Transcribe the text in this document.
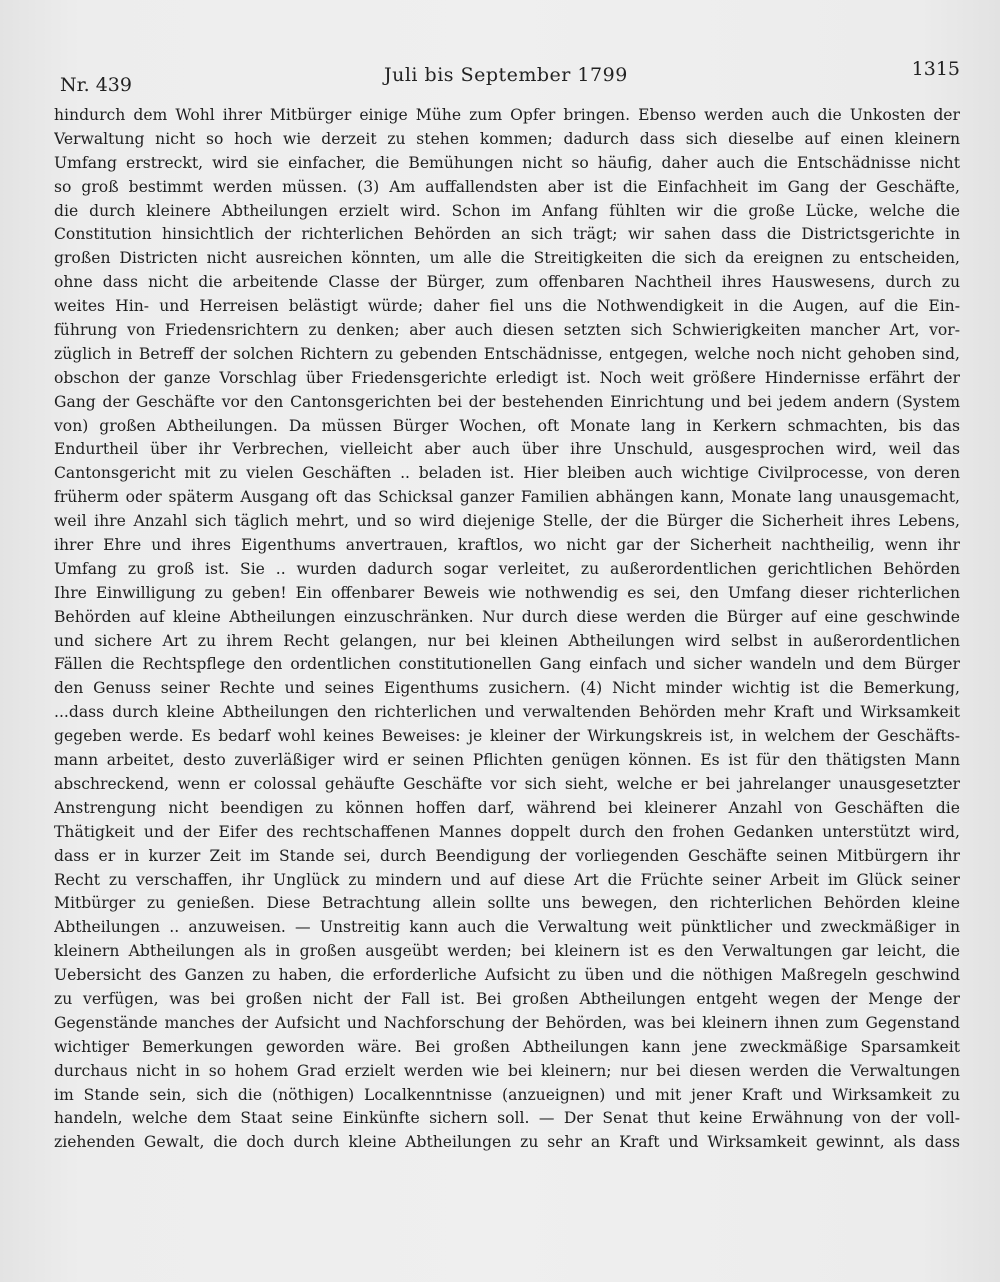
Nr. 439	Juli bis September 1799	1315
hindurch dem Wohl ihrer Mitbürger einige Mühe zum Opfer bringen. Ebenso werden auch die Unkosten der
Verwaltung nicht so hoch wie derzeit zu stehen kommen; dadurch dass sich dieselbe auf einen kleinern
Umfang erstreckt, wird sie einfacher, die Bemühungen nicht so häufig, daher auch die Entschädnisse nicht
so groß bestimmt werden müssen. (3) Am auffallendsten aber ist die Einfachheit im Gang der Geschäfte,
die durch kleinere Abtheilungen erzielt wird. Schon im Anfang fühlten wir die große Lücke, welche die
Constitution hinsichtlich der richterlichen Behörden an sich trägt; wir sahen dass die Districtsgerichte in
großen Districten nicht ausreichen könnten, um alle die Streitigkeiten die sich da ereignen zu entscheiden,
ohne dass nicht die arbeitende Classe der Bürger, zum offenbaren Nachtheil ihres Hauswesens, durch zu
weites Hin- und Herreisen belästigt würde; daher fiel uns die Nothwendigkeit in die Augen, auf die Ein-
führung von Friedensrichtern zu denken; aber auch diesen setzten sich Schwierigkeiten mancher Art, vor-
züglich in Betreff der solchen Richtern zu gebenden Entschädnisse, entgegen, welche noch nicht gehoben sind,
obschon der ganze Vorschlag über Friedensgerichte erledigt ist. Noch weit größere Hindernisse erfährt der
Gang der Geschäfte vor den Cantonsgerichten bei der bestehenden Einrichtung und bei jedem andern (System
von) großen Abtheilungen. Da müssen Bürger Wochen, oft Monate lang in Kerkern schmachten, bis das
Endurtheil über ihr Verbrechen, vielleicht aber auch über ihre Unschuld, ausgesprochen wird, weil das
Cantonsgericht mit zu vielen Geschäften .. beladen ist. Hier bleiben auch wichtige Civilprocesse, von deren
früherm oder späterm Ausgang oft das Schicksal ganzer Familien abhängen kann, Monate lang unausgemacht,
weil ihre Anzahl sich täglich mehrt, und so wird diejenige Stelle, der die Bürger die Sicherheit ihres Lebens,
ihrer Ehre und ihres Eigenthums anvertrauen, kraftlos, wo nicht gar der Sicherheit nachtheilig, wenn ihr
Umfang zu groß ist. Sie .. wurden dadurch sogar verleitet, zu außerordentlichen gerichtlichen Behörden
Ihre Einwilligung zu geben! Ein offenbarer Beweis wie nothwendig es sei, den Umfang dieser richterlichen
Behörden auf kleine Abtheilungen einzuschränken. Nur durch diese werden die Bürger auf eine geschwinde
und sichere Art zu ihrem Recht gelangen, nur bei kleinen Abtheilungen wird selbst in außerordentlichen
Fällen die Rechtspflege den ordentlichen constitutionellen Gang einfach und sicher wandeln und dem Bürger
den Genuss seiner Rechte und seines Eigenthums zusichern. (4) Nicht minder wichtig ist die Bemerkung,
...dass durch kleine Abtheilungen den richterlichen und verwaltenden Behörden mehr Kraft und Wirksamkeit
gegeben werde. Es bedarf wohl keines Beweises: je kleiner der Wirkungskreis ist, in welchem der Geschäfts-
mann arbeitet, desto zuverläßiger wird er seinen Pflichten genügen können. Es ist für den thätigsten Mann
abschreckend, wenn er colossal gehäufte Geschäfte vor sich sieht, welche er bei jahrelanger unausgesetzter
Anstrengung nicht beendigen zu können hoffen darf, während bei kleinerer Anzahl von Geschäften die
Thätigkeit und der Eifer des rechtschaffenen Mannes doppelt durch den frohen Gedanken unterstützt wird,
dass er in kurzer Zeit im Stande sei, durch Beendigung der vorliegenden Geschäfte seinen Mitbürgern ihr
Recht zu verschaffen, ihr Unglück zu mindern und auf diese Art die Früchte seiner Arbeit im Glück seiner
Mitbürger zu genießen. Diese Betrachtung allein sollte uns bewegen, den richterlichen Behörden kleine
Abtheilungen .. anzuweisen. — Unstreitig kann auch die Verwaltung weit pünktlicher und zweckmäßiger in
kleinern Abtheilungen als in großen ausgeübt werden; bei kleinern ist es den Verwaltungen gar leicht, die
Uebersicht des Ganzen zu haben, die erforderliche Aufsicht zu üben und die nöthigen Maßregeln geschwind
zu verfügen, was bei großen nicht der Fall ist. Bei großen Abtheilungen entgeht wegen der Menge der
Gegenstände manches der Aufsicht und Nachforschung der Behörden, was bei kleinern ihnen zum Gegenstand
wichtiger Bemerkungen geworden wäre. Bei großen Abtheilungen kann jene zweckmäßige Sparsamkeit
durchaus nicht in so hohem Grad erzielt werden wie bei kleinern; nur bei diesen werden die Verwaltungen
im Stande sein, sich die (nöthigen) Localkenntnisse (anzueignen) und mit jener Kraft und Wirksamkeit zu
handeln, welche dem Staat seine Einkünfte sichern soll. — Der Senat thut keine Erwähnung von der voll-
ziehenden Gewalt, die doch durch kleine Abtheilungen zu sehr an Kraft und Wirksamkeit gewinnt, als dass
